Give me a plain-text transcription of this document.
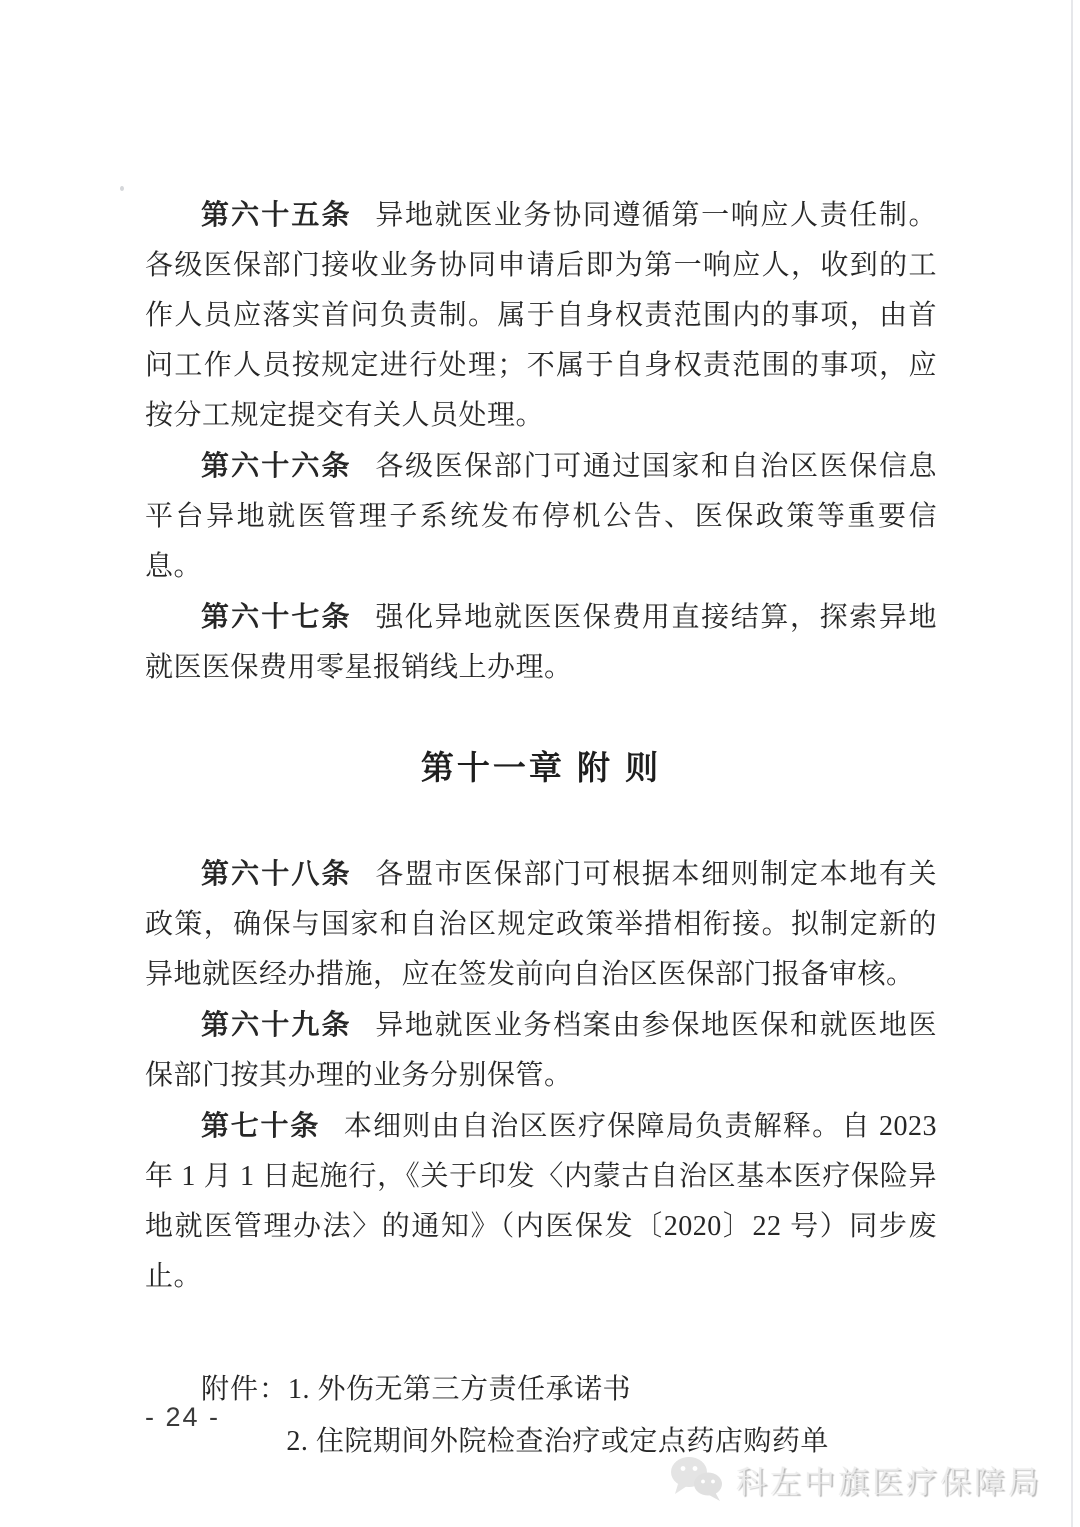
第六十五条 异地就医业务协同遵循第一响应人责任制。各级医保部门接收业务协同申请后即为第一响应人，收到的工作人员应落实首问负责制。属于自身权责范围内的事项，由首问工作人员按规定进行处理；不属于自身权责范围的事项，应按分工规定提交有关人员处理。

第六十六条 各级医保部门可通过国家和自治区医保信息平台异地就医管理子系统发布停机公告、医保政策等重要信息。

第六十七条 强化异地就医医保费用直接结算，探索异地就医医保费用零星报销线上办理。

第十一章 附 则

第六十八条 各盟市医保部门可根据本细则制定本地有关政策，确保与国家和自治区规定政策举措相衔接。拟制定新的异地就医经办措施，应在签发前向自治区医保部门报备审核。

第六十九条 异地就医业务档案由参保地医保和就医地医保部门按其办理的业务分别保管。

第七十条 本细则由自治区医疗保障局负责解释。自 2023 年 1 月 1 日起施行，《关于印发〈内蒙古自治区基本医疗保险异地就医管理办法〉的通知》（内医保发〔2020〕22 号）同步废止。

附件：1. 外伤无第三方责任承诺书
2. 住院期间外院检查治疗或定点药店购药单
- 24 -
科左中旗医疗保障局
